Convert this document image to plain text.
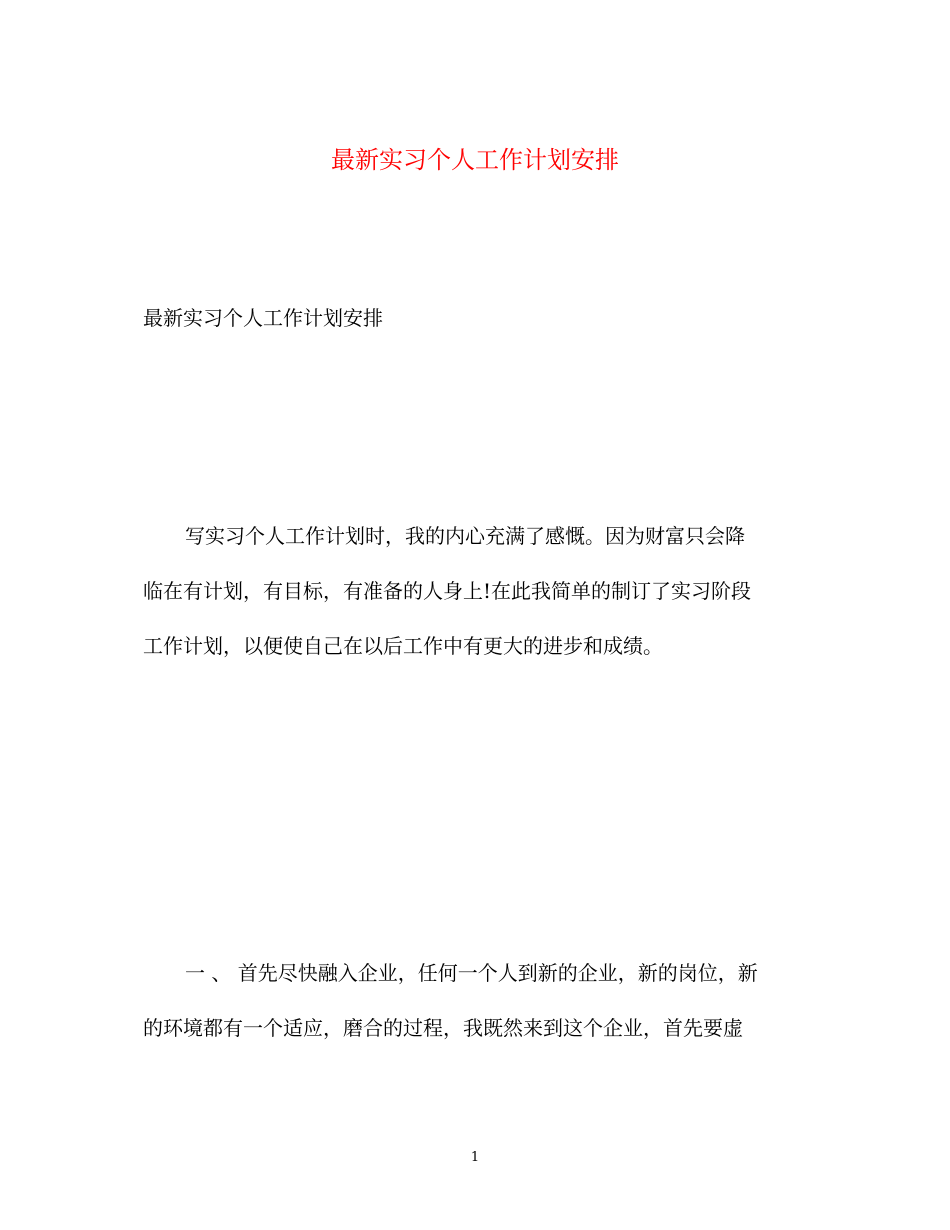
最新实习个人工作计划安排

最新实习个人工作计划安排

写实习个人工作计划时，我的内心充满了感慨。因为财富只会降
临在有计划，有目标，有准备的人身上!在此我简单的制订了实习阶段
工作计划，以便使自己在以后工作中有更大的进步和成绩。

一 、 首先尽快融入企业，任何一个人到新的企业，新的岗位，新
的环境都有一个适应，磨合的过程，我既然来到这个企业，首先要虚

1
